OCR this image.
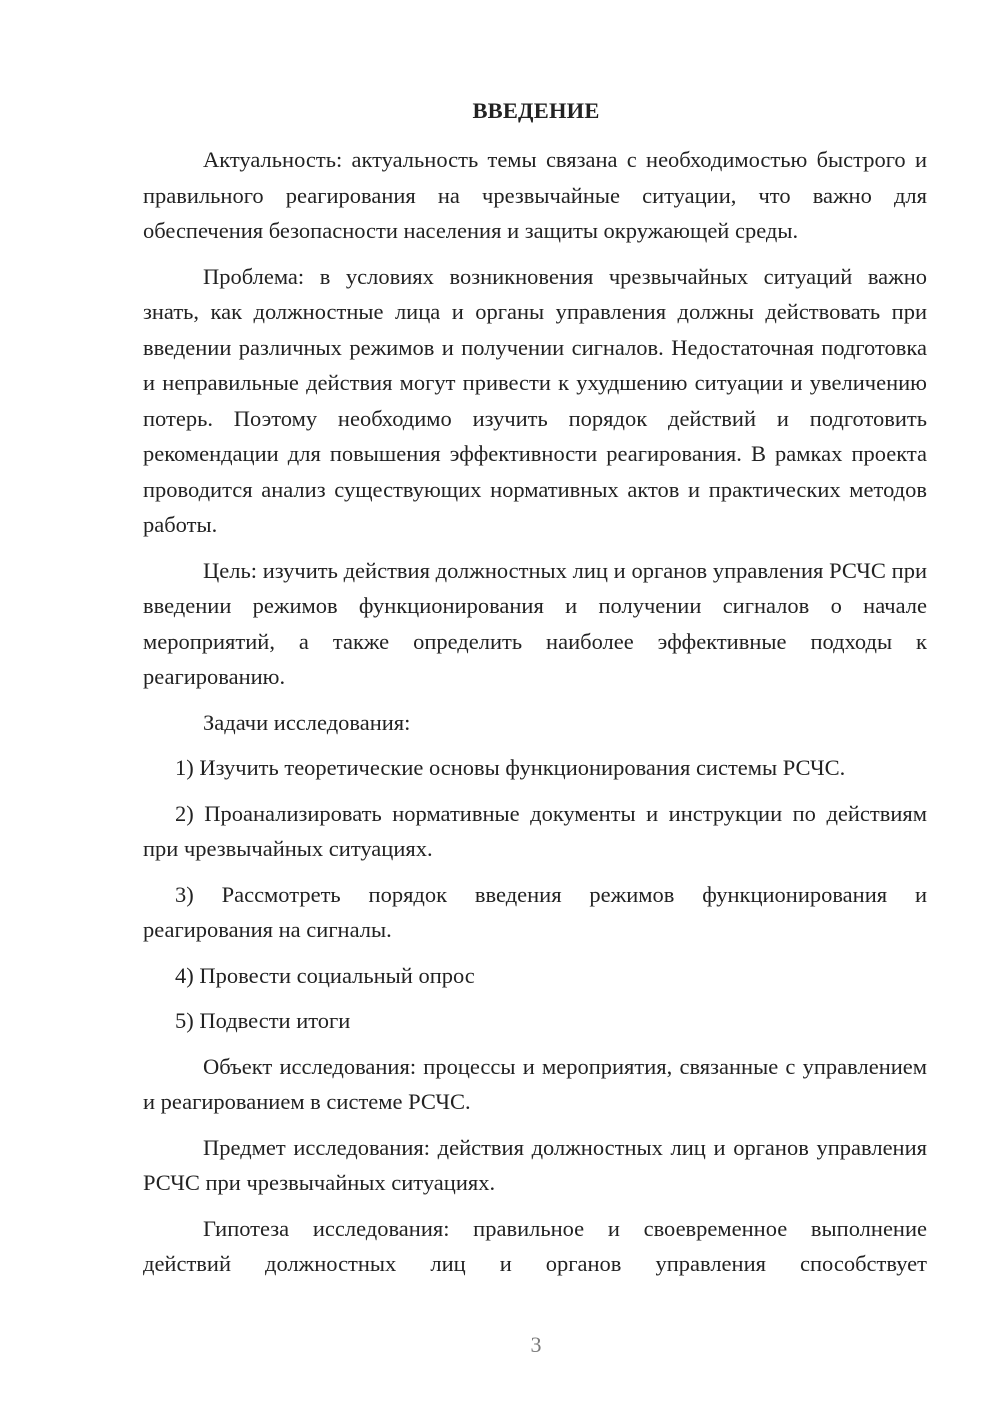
ВВЕДЕНИЕ

Актуальность: актуальность темы связана с необходимостью быстрого и правильного реагирования на чрезвычайные ситуации, что важно для обеспечения безопасности населения и защиты окружающей среды.

Проблема: в условиях возникновения чрезвычайных ситуаций важно знать, как должностные лица и органы управления должны действовать при введении различных режимов и получении сигналов. Недостаточная подготовка и неправильные действия могут привести к ухудшению ситуации и увеличению потерь. Поэтому необходимо изучить порядок действий и подготовить рекомендации для повышения эффективности реагирования. В рамках проекта проводится анализ существующих нормативных актов и практических методов работы.

Цель: изучить действия должностных лиц и органов управления РСЧС при введении режимов функционирования и получении сигналов о начале мероприятий, а также определить наиболее эффективные подходы к реагированию.

Задачи исследования:

1) Изучить теоретические основы функционирования системы РСЧС.

2) Проанализировать нормативные документы и инструкции по действиям при чрезвычайных ситуациях.

3) Рассмотреть порядок введения режимов функционирования и реагирования на сигналы.

4) Провести социальный опрос

5) Подвести итоги

Объект исследования: процессы и мероприятия, связанные с управлением и реагированием в системе РСЧС.

Предмет исследования: действия должностных лиц и органов управления РСЧС при чрезвычайных ситуациях.

Гипотеза исследования: правильное и своевременное выполнение действий должностных лиц и органов управления способствует

3
